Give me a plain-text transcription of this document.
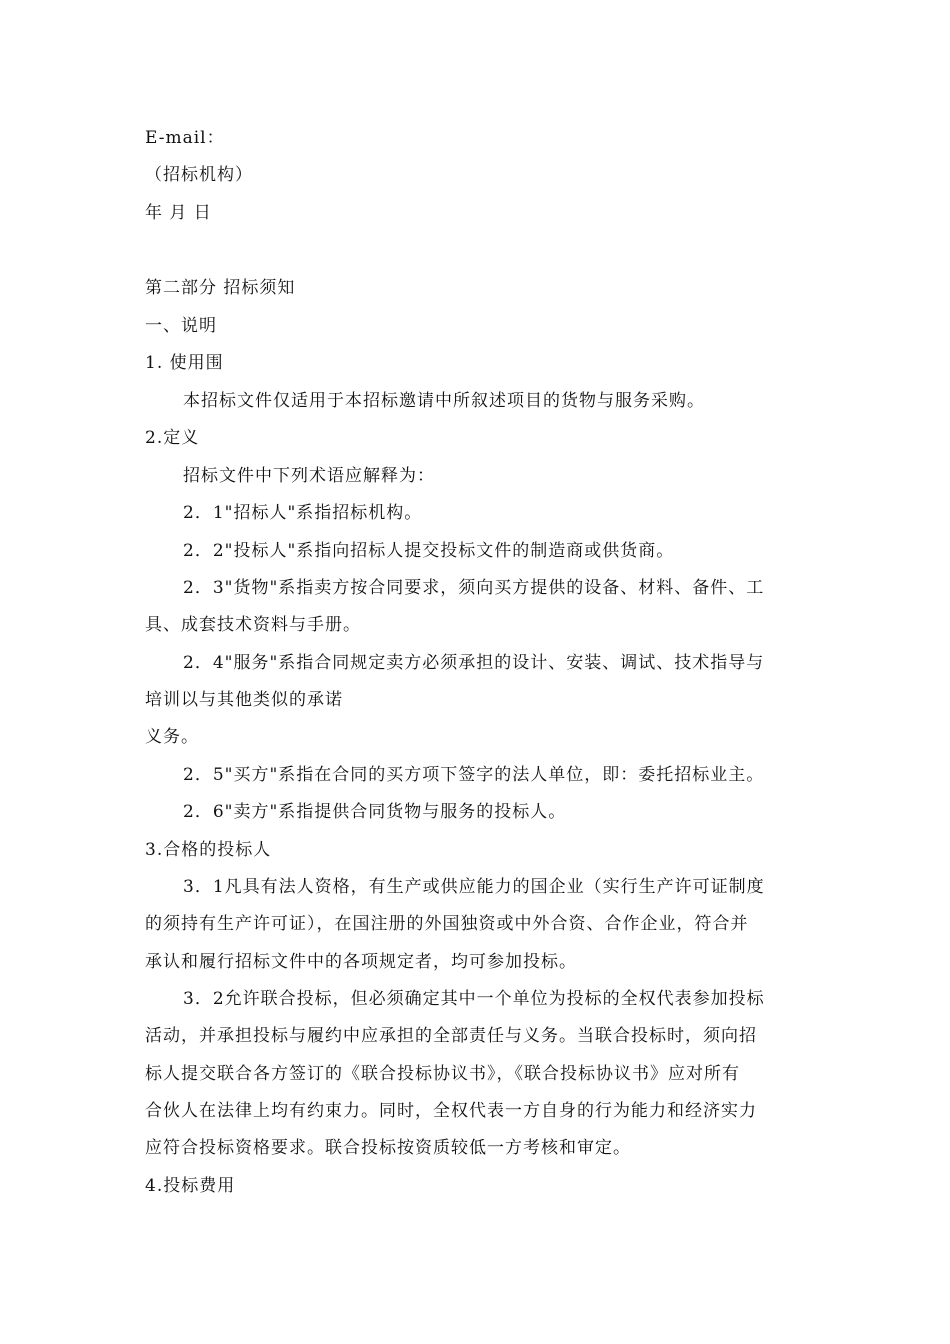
E-mail：
（招标机构）
年 月 日
第二部分 招标须知
一、说明
1. 使用围
本招标文件仅适用于本招标邀请中所叙述项目的货物与服务采购。
2.定义
招标文件中下列术语应解释为：
2．1"招标人"系指招标机构。
2．2"投标人"系指向招标人提交投标文件的制造商或供货商。
2．3"货物"系指卖方按合同要求，须向买方提供的设备、材料、备件、工
具、成套技术资料与手册。
2．4"服务"系指合同规定卖方必须承担的设计、安装、调试、技术指导与
培训以与其他类似的承诺
义务。
2．5"买方"系指在合同的买方项下签字的法人单位，即：委托招标业主。
2．6"卖方"系指提供合同货物与服务的投标人。
3.合格的投标人
3．1凡具有法人资格，有生产或供应能力的国企业（实行生产许可证制度
的须持有生产许可证），在国注册的外国独资或中外合资、合作企业，符合并
承认和履行招标文件中的各项规定者，均可参加投标。
3．2允许联合投标，但必须确定其中一个单位为投标的全权代表参加投标
活动，并承担投标与履约中应承担的全部责任与义务。当联合投标时，须向招
标人提交联合各方签订的《联合投标协议书》，《联合投标协议书》应对所有
合伙人在法律上均有约束力。同时，全权代表一方自身的行为能力和经济实力
应符合投标资格要求。联合投标按资质较低一方考核和审定。
4.投标费用
